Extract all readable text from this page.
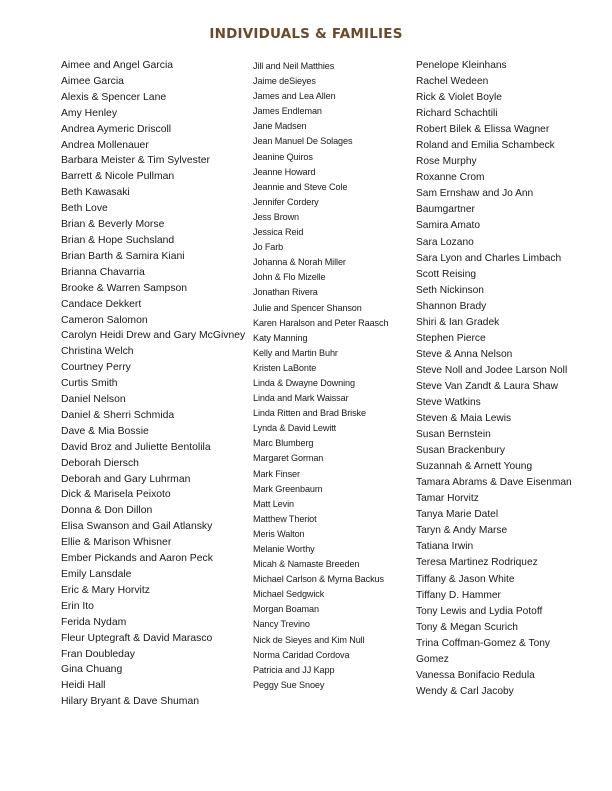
INDIVIDUALS & FAMILIES
Aimee and Angel Garcia
Aimee Garcia
Alexis & Spencer Lane
Amy Henley
Andrea Aymeric Driscoll
Andrea Mollenauer
Barbara Meister & Tim Sylvester
Barrett & Nicole Pullman
Beth Kawasaki
Beth Love
Brian & Beverly Morse
Brian & Hope Suchsland
Brian Barth & Samira Kiani
Brianna Chavarria
Brooke & Warren Sampson
Candace Dekkert
Cameron Salomon
Carolyn Heidi Drew and Gary McGivney
Christina Welch
Courtney Perry
Curtis Smith
Daniel Nelson
Daniel & Sherri Schmida
Dave & Mia Bossie
David Broz and Juliette Bentolila
Deborah Diersch
Deborah and Gary Luhrman
Dick & Marisela Peixoto
Donna & Don Dillon
Elisa Swanson and Gail Atlansky
Ellie & Marison Whisner
Ember Pickands and Aaron Peck
Emily Lansdale
Eric & Mary Horvitz
Erin Ito
Ferida Nydam
Fleur Uptegraft & David Marasco
Fran Doubleday
Gina Chuang
Heidi Hall
Hilary Bryant & Dave Shuman
Jill and Neil Matthies
Jaime deSieyes
James and Lea Allen
James Endleman
Jane Madsen
Jean Manuel De Solages
Jeanine Quiros
Jeanne Howard
Jeannie and Steve Cole
Jennifer Cordery
Jess Brown
Jessica Reid
Jo Farb
Johanna & Norah Miller
John & Flo Mizelle
Jonathan Rivera
Julie and Spencer Shanson
Karen Haralson and Peter Raasch
Katy Manning
Kelly and Martin Buhr
Kristen LaBonte
Linda & Dwayne Downing
Linda and Mark Waissar
Linda Ritten and Brad Briske
Lynda & David Lewitt
Marc Blumberg
Margaret Gorman
Mark Finser
Mark Greenbaum
Matt Levin
Matthew Theriot
Meris Walton
Melanie Worthy
Micah & Namaste Breeden
Michael Carlson & Myrna Backus
Michael Sedgwick
Morgan Boaman
Nancy Trevino
Nick de Sieyes and Kim Null
Norma Caridad Cordova
Patricia and JJ Kapp
Peggy Sue Snoey
Penelope Kleinhans
Rachel Wedeen
Rick & Violet Boyle
Richard Schachtili
Robert Bilek & Elissa Wagner
Roland and Emilia Schambeck
Rose Murphy
Roxanne Crom
Sam Ernshaw and Jo Ann
Baumgartner
Samira Amato
Sara Lozano
Sara Lyon and Charles Limbach
Scott Reising
Seth Nickinson
Shannon Brady
Shiri & Ian Gradek
Stephen Pierce
Steve & Anna Nelson
Steve Noll and Jodee Larson Noll
Steve Van Zandt & Laura Shaw
Steve Watkins
Steven & Maia Lewis
Susan Bernstein
Susan Brackenbury
Suzannah & Arnett Young
Tamara Abrams & Dave Eisenman
Tamar Horvitz
Tanya Marie Datel
Taryn & Andy Marse
Tatiana Irwin
Teresa Martinez Rodriquez
Tiffany & Jason White
Tiffany D. Hammer
Tony Lewis and Lydia Potoff
Tony & Megan Scurich
Trina Coffman-Gomez & Tony
Gomez
Vanessa Bonifacio Redula
Wendy & Carl Jacoby
